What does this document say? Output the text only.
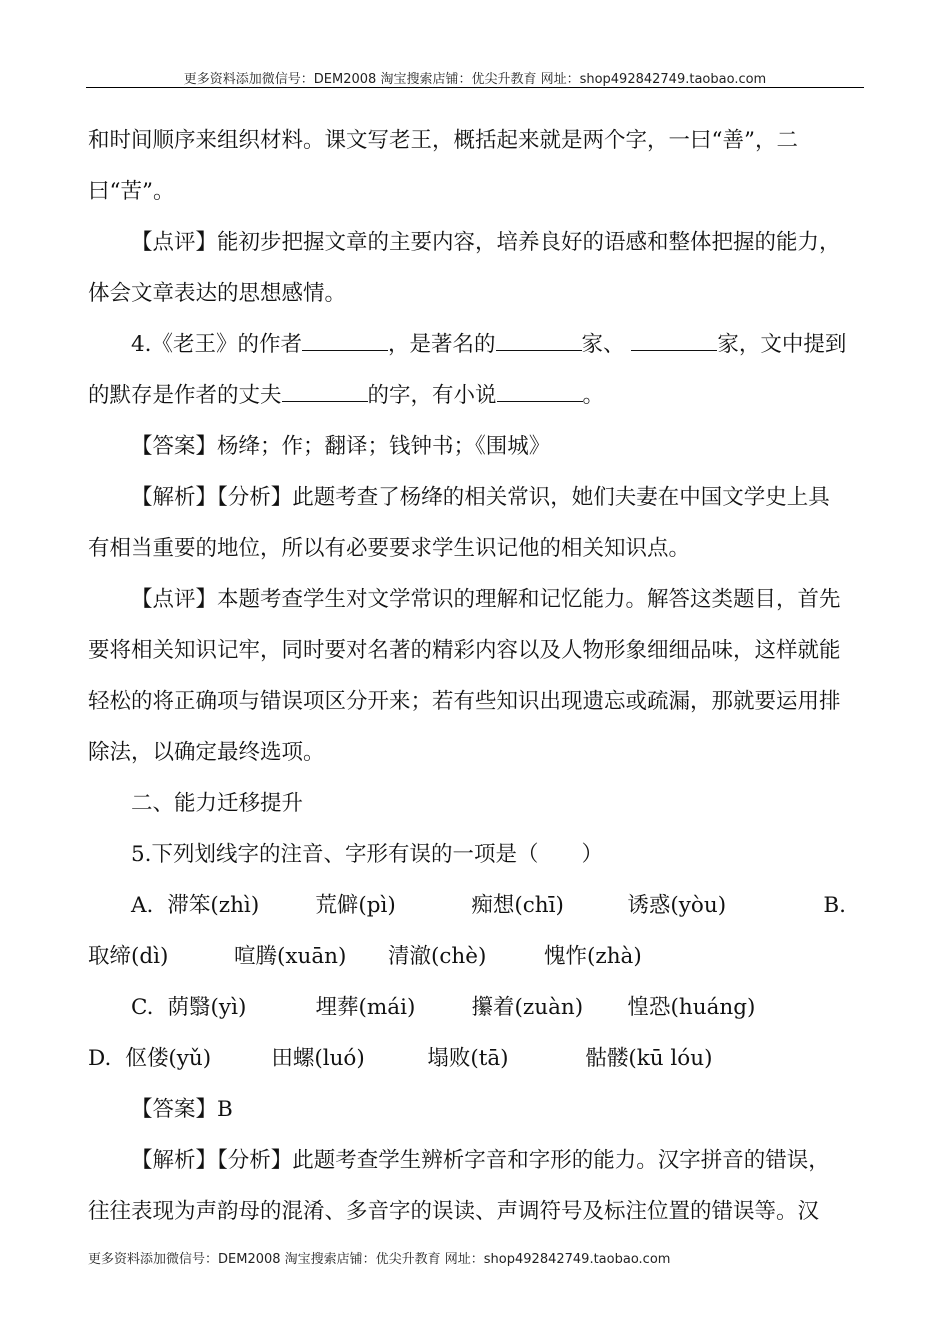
更多资料添加微信号：DEM2008 淘宝搜索店铺：优尖升教育 网址：shop492842749.taobao.com

和时间顺序来组织材料。课文写老王，概括起来就是两个字，一曰“善”，二曰“苦”。

【点评】能初步把握文章的主要内容，培养良好的语感和整体把握的能力，体会文章表达的思想感情。

4.《老王》的作者	，是著名的	家、	家，文中提到的默存是作者的丈夫	的字，有小说	。

【答案】杨绛；作；翻译；钱钟书；《围城》

【解析】【分析】此题考查了杨绛的相关常识，她们夫妻在中国文学史上具有相当重要的地位，所以有必要要求学生识记他的相关知识点。

【点评】本题考查学生对文学常识的理解和记忆能力。解答这类题目，首先要将相关知识记牢，同时要对名著的精彩内容以及人物形象细细品味，这样就能轻松的将正确项与错误项区分开来；若有些知识出现遗忘或疏漏，那就要运用排除法，以确定最终选项。

二、能力迁移提升

5.下列划线字的注音、字形有误的一项是（　　）

A. 滞笨(zhì)	荒僻(pì)	痴想(chī)	诱惑(yòu)	B.

取缔(dì)	喧腾(xuān) 清澈(chè)	愧怍(zhà)

C. 荫翳(yì)	埋葬(mái)	攥着(zuàn) 惶恐(huáng)

D. 伛偻(yǔ)	田螺(luó)	塌败(tā)	骷髅(kū lóu)

【答案】B

【解析】【分析】此题考查学生辨析字音和字形的能力。汉字拼音的错误，往往表现为声韵母的混淆、多音字的误读、声调符号及标注位置的错误等。汉

更多资料添加微信号：DEM2008 淘宝搜索店铺：优尖升教育 网址：shop492842749.taobao.com
